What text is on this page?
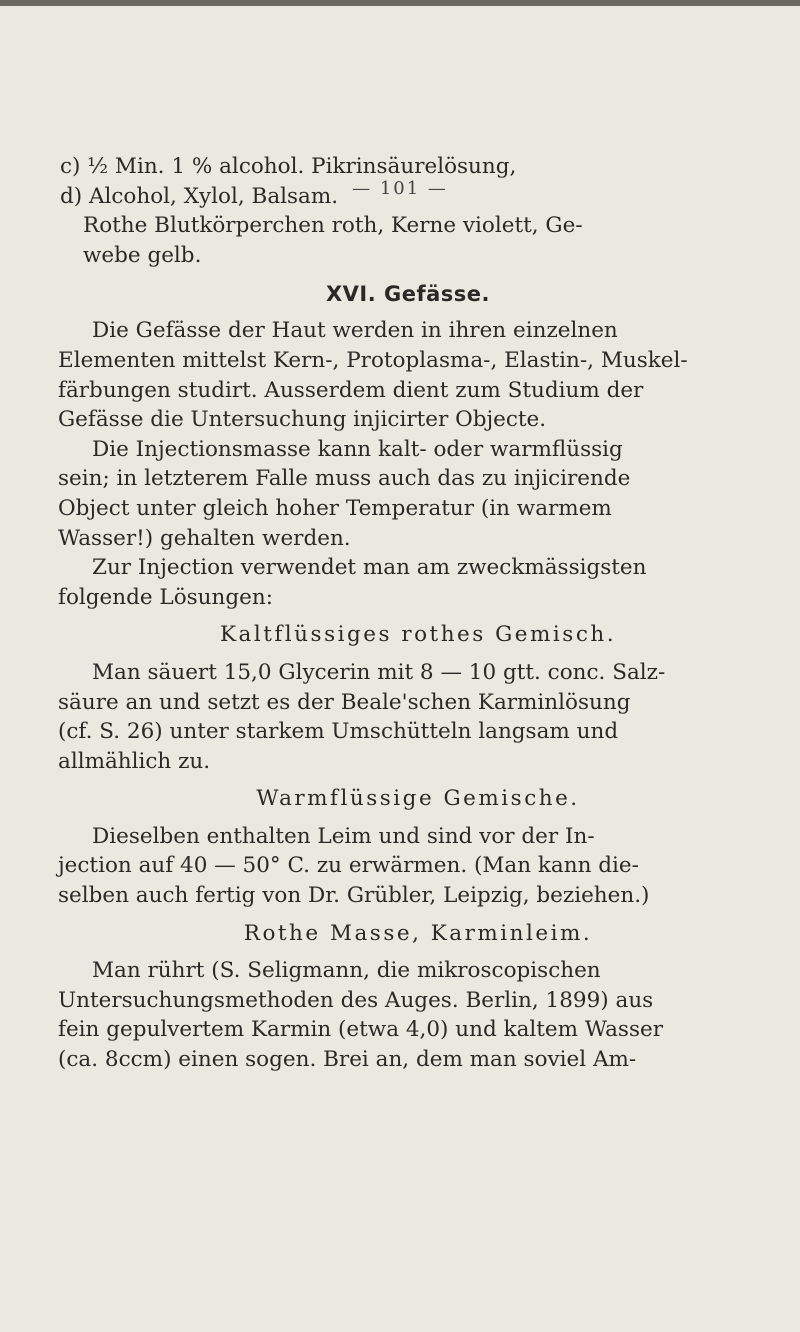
— 101 —
c) ½ Min. 1 % alcohol. Pikrinsäurelösung,
d) Alcohol, Xylol, Balsam.
Rothe Blutkörperchen roth, Kerne violett, Ge-
webe gelb.
XVI. Gefässe.
Die Gefässe der Haut werden in ihren einzelnen
Elementen mittelst Kern-, Protoplasma-, Elastin-, Muskel-
färbungen studirt. Ausserdem dient zum Studium der
Gefässe die Untersuchung injicirter Objecte.
Die Injectionsmasse kann kalt- oder warmflüssig
sein; in letzterem Falle muss auch das zu injicirende
Object unter gleich hoher Temperatur (in warmem
Wasser!) gehalten werden.
Zur Injection verwendet man am zweckmässigsten
folgende Lösungen:
Kaltflüssiges rothes Gemisch.
Man säuert 15,0 Glycerin mit 8 — 10 gtt. conc. Salz-
säure an und setzt es der Beale'schen Karminlösung
(cf. S. 26) unter starkem Umschütteln langsam und
allmählich zu.
Warmflüssige Gemische.
Dieselben enthalten Leim und sind vor der In-
jection auf 40 — 50° C. zu erwärmen. (Man kann die-
selben auch fertig von Dr. Grübler, Leipzig, beziehen.)
Rothe Masse, Karminleim.
Man rührt (S. Seligmann, die mikroscopischen
Untersuchungsmethoden des Auges. Berlin, 1899) aus
fein gepulvertem Karmin (etwa 4,0) und kaltem Wasser
(ca. 8ccm) einen sogen. Brei an, dem man soviel Am-
